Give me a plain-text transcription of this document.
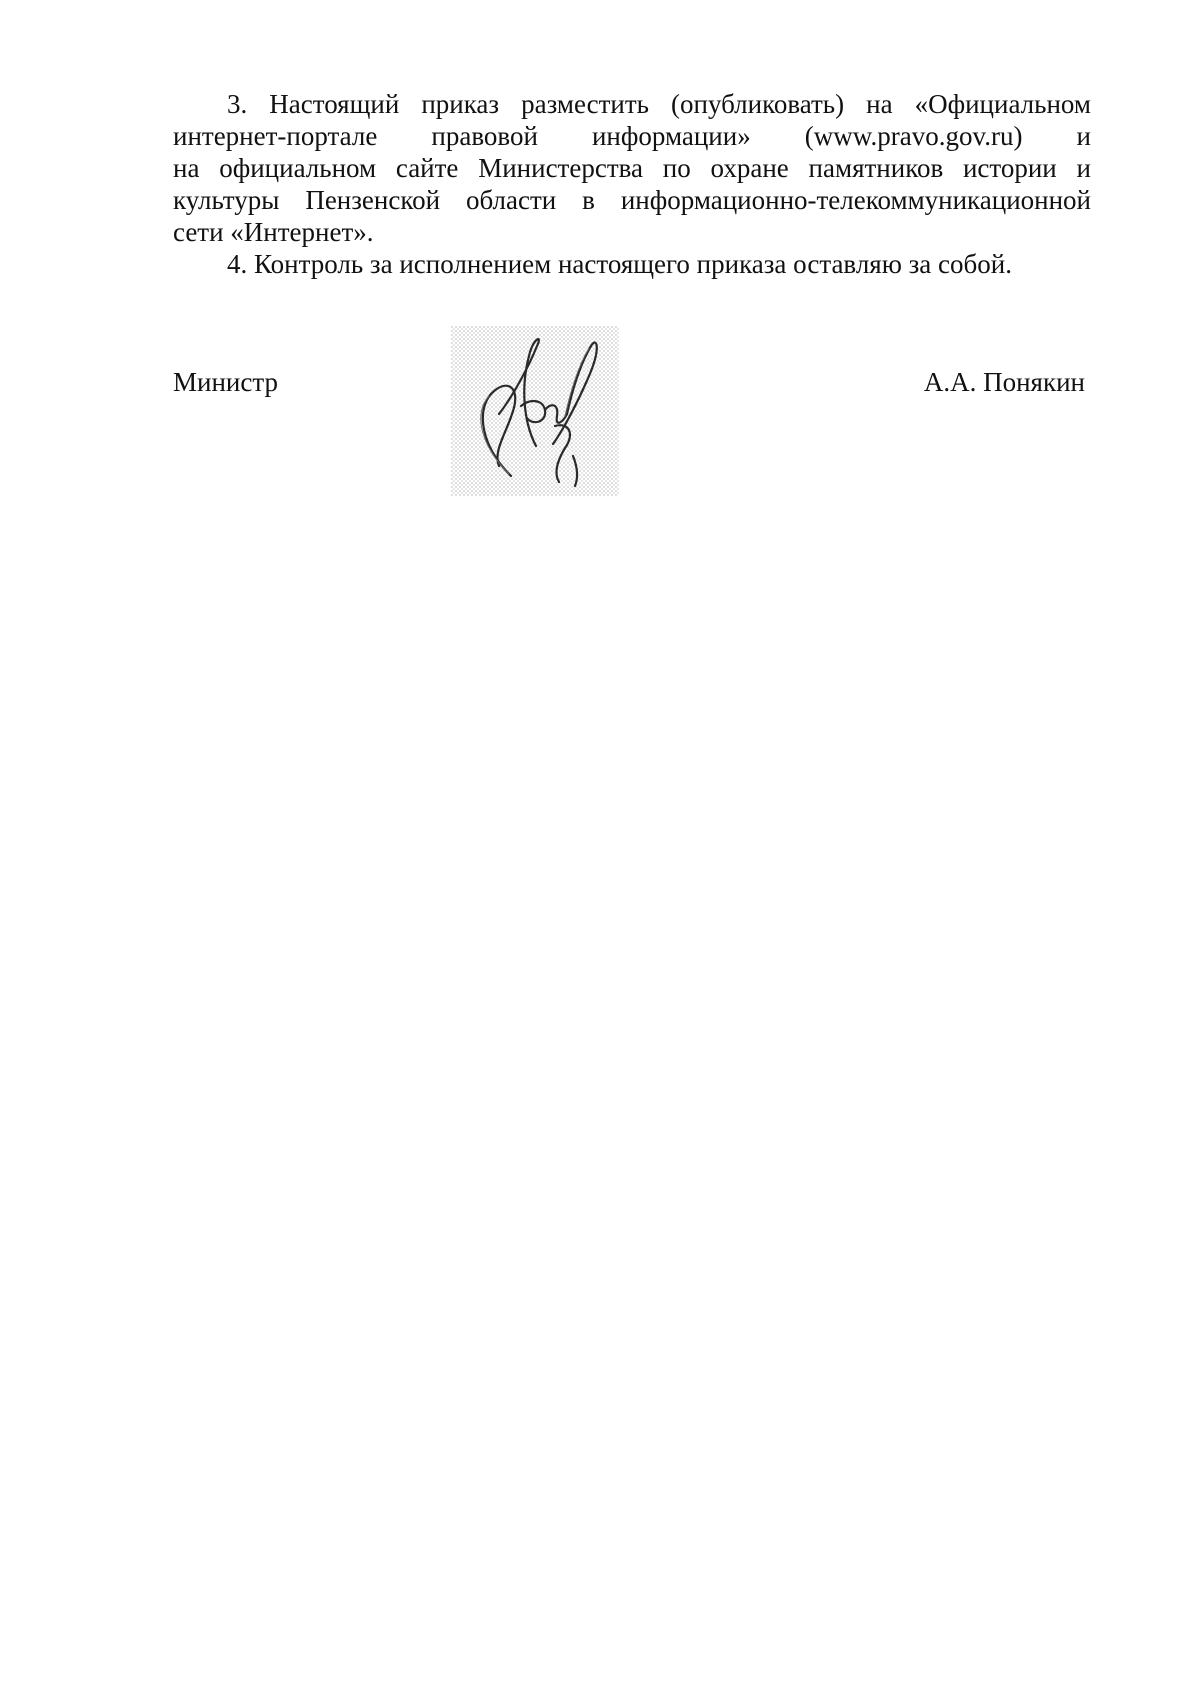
3. Настоящий приказ разместить (опубликовать) на «Официальном
интернет-портале правовой информации» (www.pravo.gov.ru) и
на официальном сайте Министерства по охране памятников истории и
культуры Пензенской области в информационно-телекоммуникационной
сети «Интернет».

4. Контроль за исполнением настоящего приказа оставляю за собой.

Министр	А.А. Понякин
